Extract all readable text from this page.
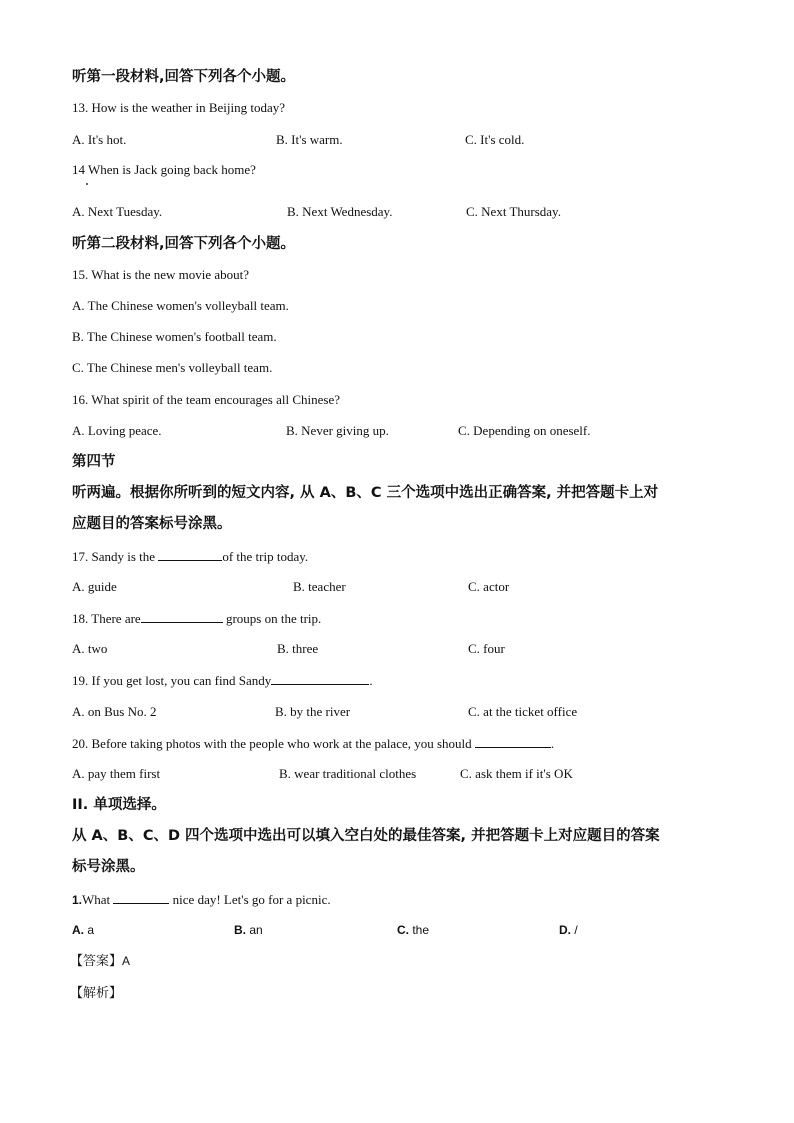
听第一段材料,回答下列各个小题。
13. How is the weather in Beijing today?
A. It's hot.	B. It's warm.	C. It's cold.
14 When is Jack going back home?
A. Next Tuesday.	B. Next Wednesday.	C. Next Thursday.
听第二段材料,回答下列各个小题。
15. What is the new movie about?
A. The Chinese women's volleyball team.
B. The Chinese women's football team.
C. The Chinese men's volleyball team.
16. What spirit of the team encourages all Chinese?
A. Loving peace.	B. Never giving up.	C. Depending on oneself.
第四节
听两遍。根据你所听到的短文内容, 从 A、B、C 三个选项中选出正确答案, 并把答题卡上对
应题目的答案标号涂黑。
17. Sandy is the	of the trip today.
A. guide	B. teacher	C. actor
18. There are	groups on the trip.
A. two	B. three	C. four
19. If you get lost, you can find Sandy	.
A. on Bus No. 2	B. by the river	C. at the ticket office
20. Before taking photos with the people who work at the palace, you should	.
A. pay them first	B. wear traditional clothes	C. ask them if it's OK
II. 单项选择。
从 A、B、C、D 四个选项中选出可以填入空白处的最佳答案, 并把答题卡上对应题目的答案
标号涂黑。
1.What	nice day! Let's go for a picnic.
A. a	B. an	C. the	D. /
【答案】A
【解析】
